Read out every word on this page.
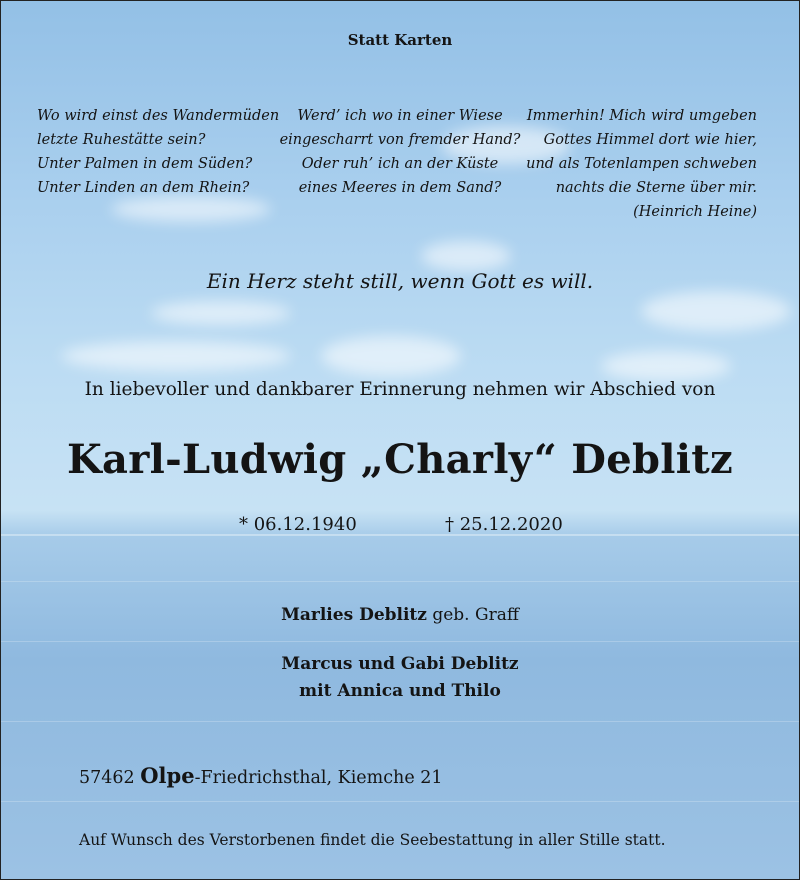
Statt Karten
Wo wird einst des Wandermüden
letzte Ruhestätte sein?
Unter Palmen in dem Süden?
Unter Linden an dem Rhein?
Werd’ ich wo in einer Wiese
eingescharrt von fremder Hand?
Oder ruh’ ich an der Küste
eines Meeres in dem Sand?
Immerhin! Mich wird umgeben
Gottes Himmel dort wie hier,
und als Totenlampen schweben
nachts die Sterne über mir.
(Heinrich Heine)
Ein Herz steht still, wenn Gott es will.
In liebevoller und dankbarer Erinnerung nehmen wir Abschied von
Karl-Ludwig „Charly“ Deblitz
* 06.12.1940	† 25.12.2020
Marlies Deblitz geb. Graff
Marcus und Gabi Deblitz
mit Annica und Thilo
57462 Olpe-Friedrichsthal, Kiemche 21
Auf Wunsch des Verstorbenen findet die Seebestattung in aller Stille statt.
